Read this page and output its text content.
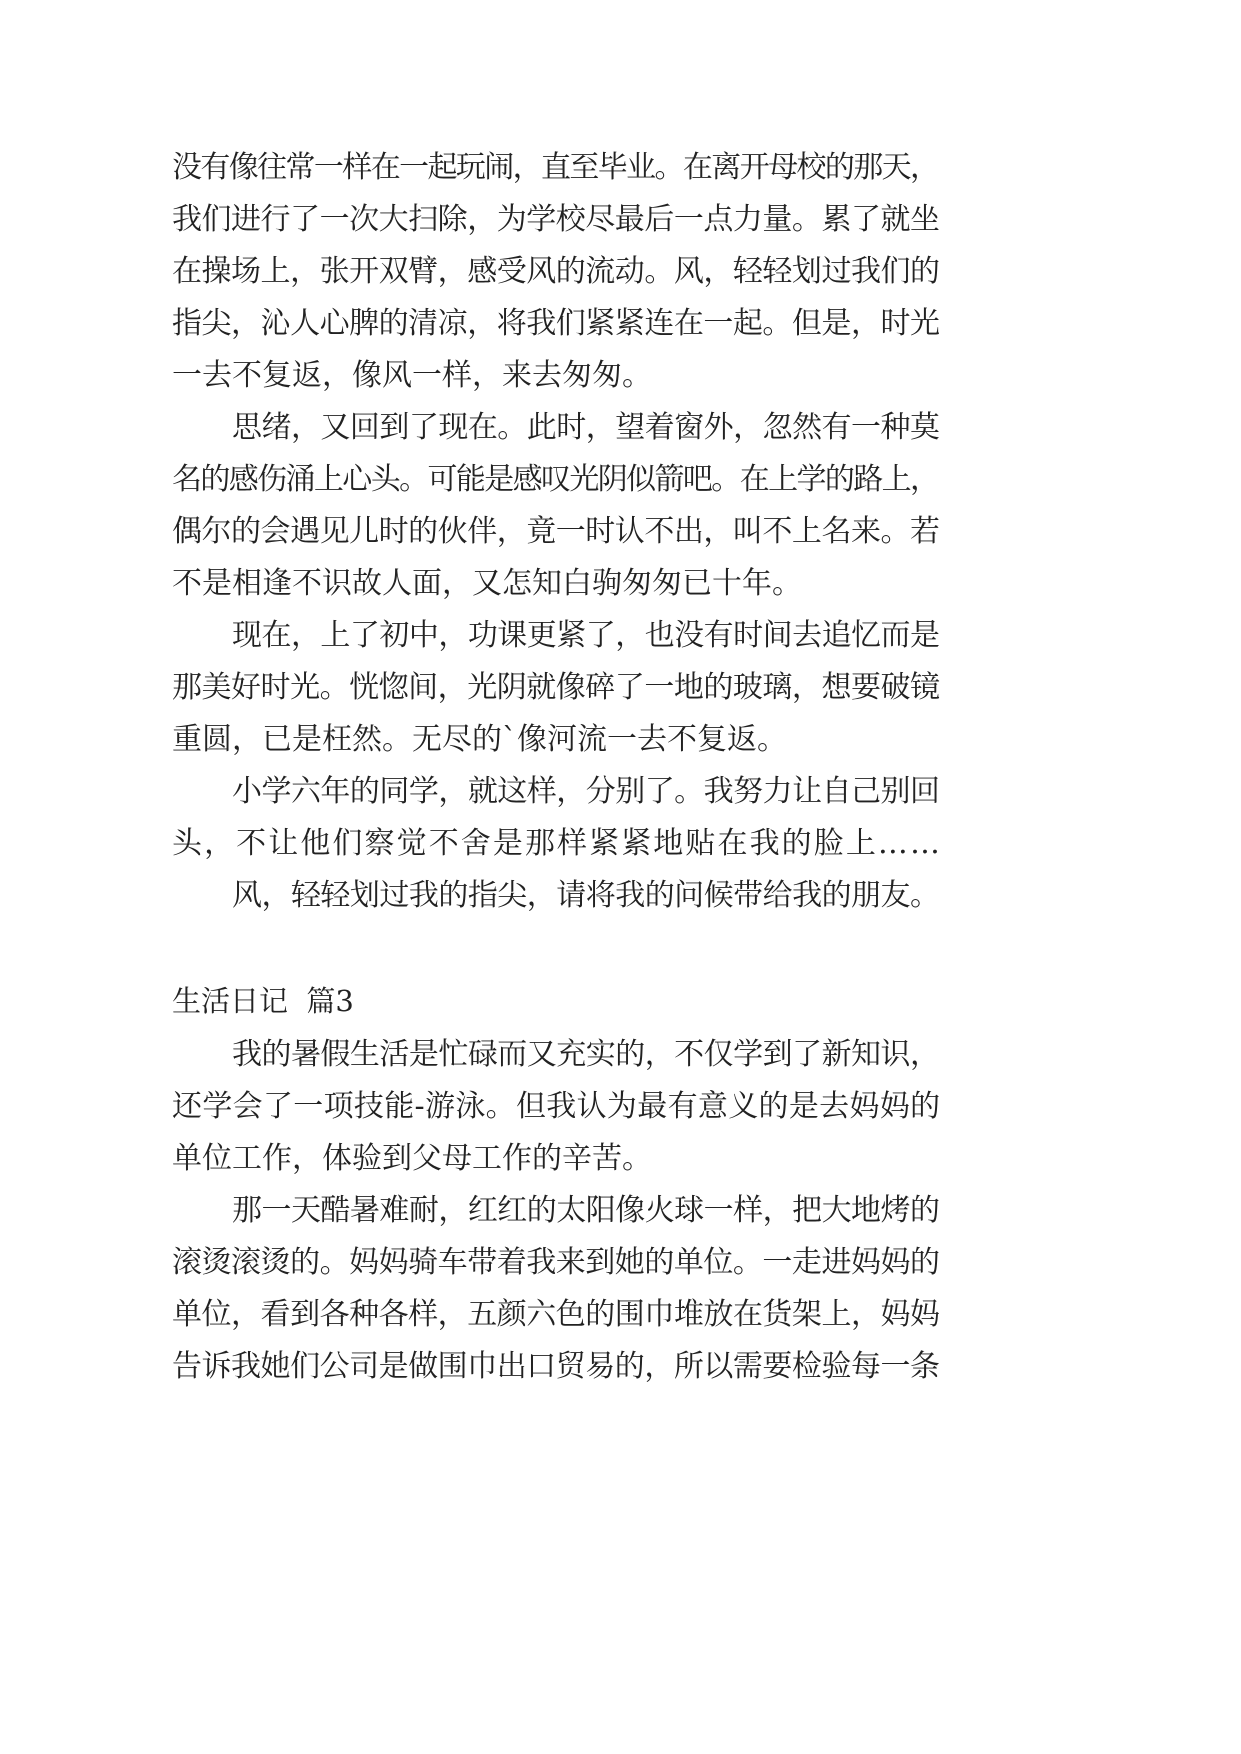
没有像往常一样在一起玩闹，直至毕业。在离开母校的那天，
我们进行了一次大扫除，为学校尽最后一点力量。累了就坐
在操场上，张开双臂，感受风的流动。风，轻轻划过我们的
指尖，沁人心脾的清凉，将我们紧紧连在一起。但是，时光
一去不复返，像风一样，来去匆匆。
思绪，又回到了现在。此时，望着窗外，忽然有一种莫
名的感伤涌上心头。可能是感叹光阴似箭吧。在上学的路上，
偶尔的会遇见儿时的伙伴，竟一时认不出，叫不上名来。若
不是相逢不识故人面，又怎知白驹匆匆已十年。
现在，上了初中，功课更紧了，也没有时间去追忆而是
那美好时光。恍惚间，光阴就像碎了一地的玻璃，想要破镜
重圆，已是枉然。无尽的`像河流一去不复返。
小学六年的同学，就这样，分别了。我努力让自己别回
头，不让他们察觉不舍是那样紧紧地贴在我的脸上……
风，轻轻划过我的指尖，请将我的问候带给我的朋友。
生活日记  篇3
我的暑假生活是忙碌而又充实的，不仅学到了新知识，
还学会了一项技能-游泳。但我认为最有意义的是去妈妈的
单位工作，体验到父母工作的辛苦。
那一天酷暑难耐，红红的太阳像火球一样，把大地烤的
滚烫滚烫的。妈妈骑车带着我来到她的单位。一走进妈妈的
单位，看到各种各样，五颜六色的围巾堆放在货架上，妈妈
告诉我她们公司是做围巾出口贸易的，所以需要检验每一条
